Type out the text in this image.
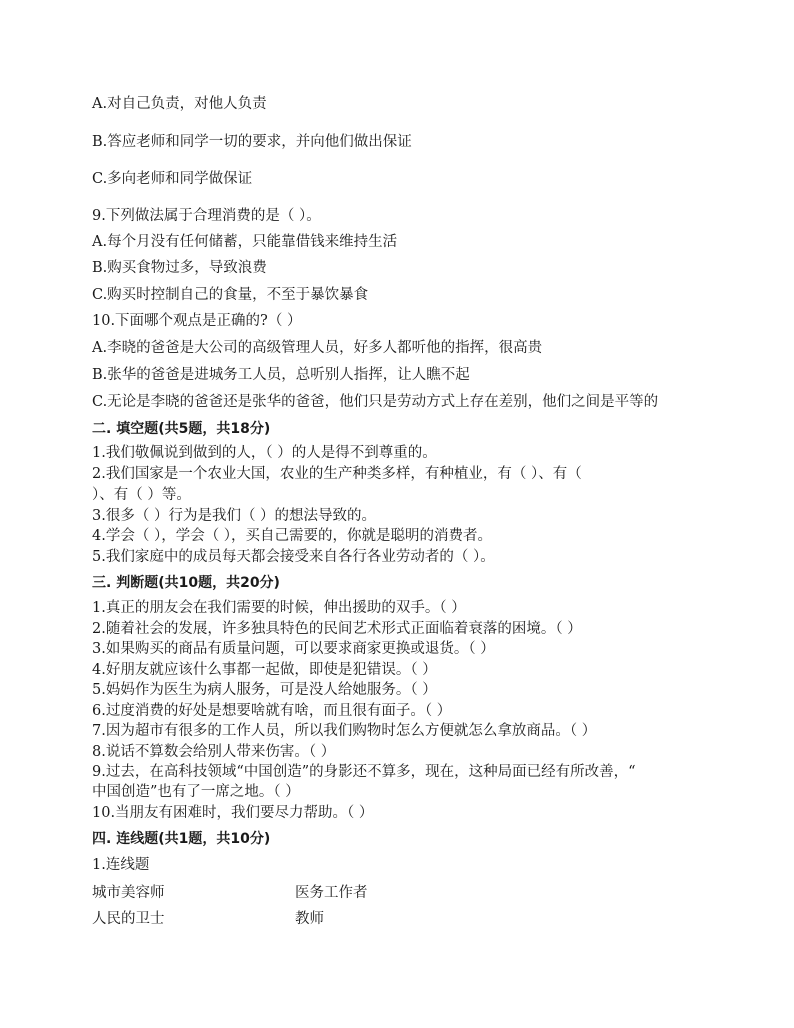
A.对自己负责，对他人负责
B.答应老师和同学一切的要求，并向他们做出保证
C.多向老师和同学做保证
9.下列做法属于合理消费的是（ ）。
A.每个月没有任何储蓄，只能靠借钱来维持生活
B.购买食物过多，导致浪费
C.购买时控制自己的食量，不至于暴饮暴食
10.下面哪个观点是正确的?（ ）
A.李晓的爸爸是大公司的高级管理人员，好多人都听他的指挥，很高贵
B.张华的爸爸是进城务工人员，总听别人指挥，让人瞧不起
C.无论是李晓的爸爸还是张华的爸爸，他们只是劳动方式上存在差别，他们之间是平等的
二. 填空题(共5题，共18分)
1.我们敬佩说到做到的人，（ ）的人是得不到尊重的。
2.我们国家是一个农业大国，农业的生产种类多样，有种植业，有（ ）、有（
）、有（ ）等。
3.很多（ ）行为是我们（ ）的想法导致的。
4.学会（ ），学会（ ），买自己需要的，你就是聪明的消费者。
5.我们家庭中的成员每天都会接受来自各行各业劳动者的（ ）。
三. 判断题(共10题，共20分)
1.真正的朋友会在我们需要的时候，伸出援助的双手。（ ）
2.随着社会的发展，许多独具特色的民间艺术形式正面临着衰落的困境。（ ）
3.如果购买的商品有质量问题，可以要求商家更换或退货。（ ）
4.好朋友就应该什么事都一起做，即使是犯错误。（ ）
5.妈妈作为医生为病人服务，可是没人给她服务。（ ）
6.过度消费的好处是想要啥就有啥，而且很有面子。（ ）
7.因为超市有很多的工作人员，所以我们购物时怎么方便就怎么拿放商品。（ ）
8.说话不算数会给别人带来伤害。（ ）
9.过去，在高科技领域“中国创造”的身影还不算多，现在，这种局面已经有所改善，“
中国创造”也有了一席之地。（ ）
10.当朋友有困难时，我们要尽力帮助。（ ）
四. 连线题(共1题，共10分)
1.连线题
城市美容师	医务工作者
人民的卫士	教师
